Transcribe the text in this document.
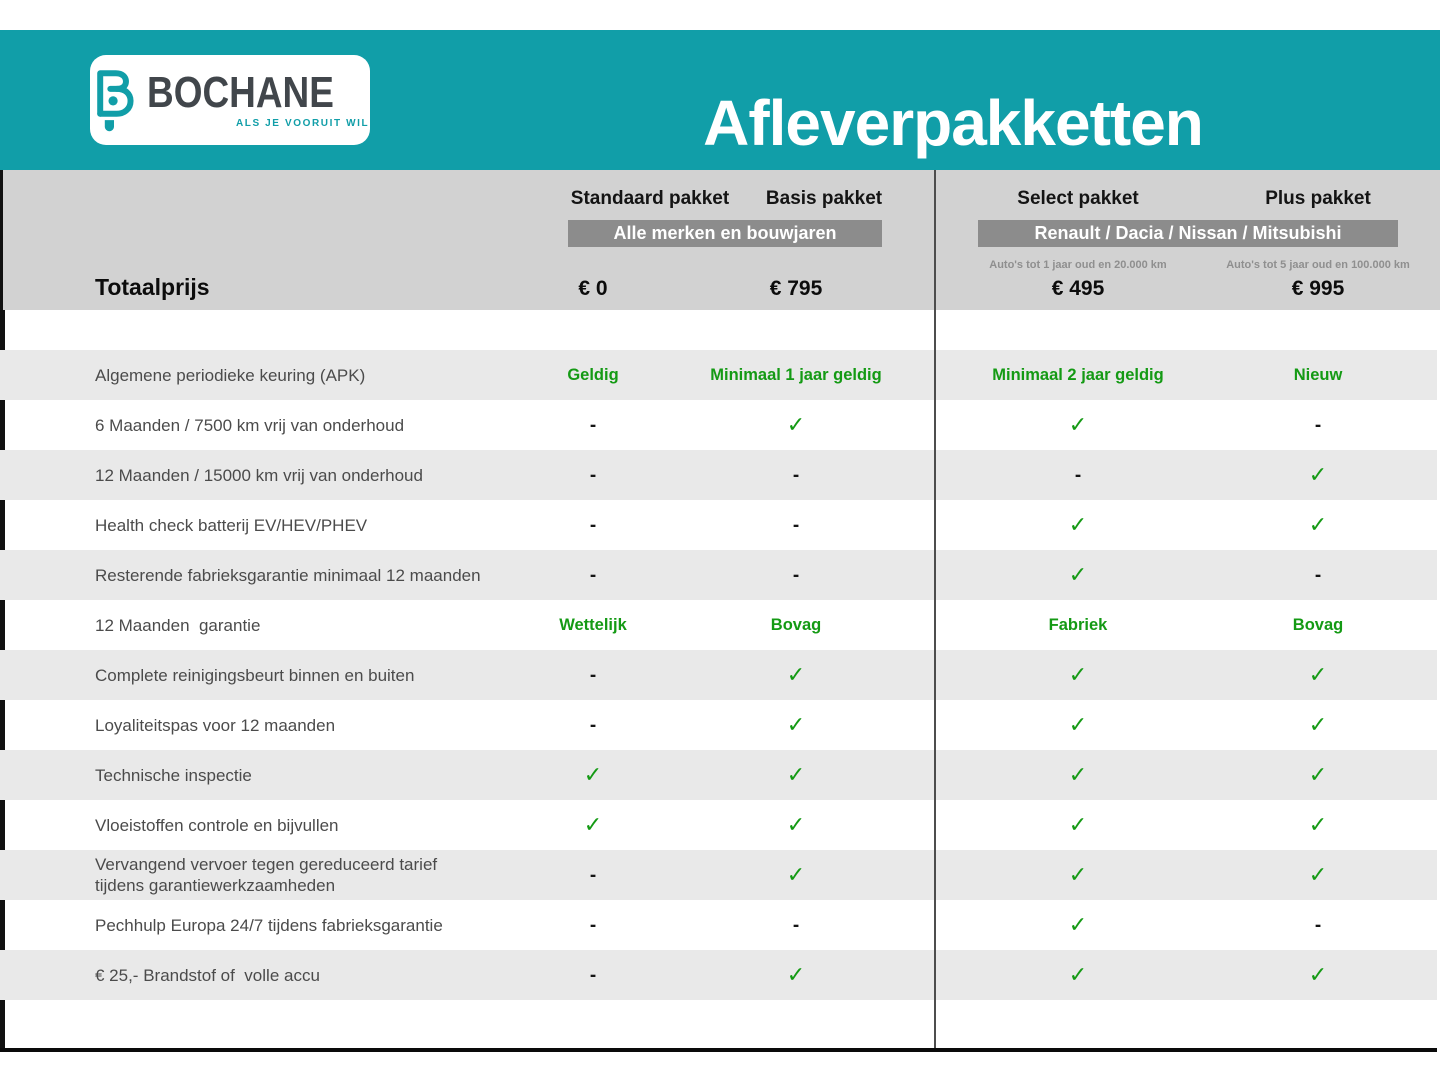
BOCHANE
ALS JE VOORUIT WIL	Afleverpakketten
Standaard pakket	Basis pakket	Select pakket	Plus pakket
Alle merken en bouwjaren	Renault / Dacia / Nissan / Mitsubishi
Auto's tot 1 jaar oud en 20.000 km	Auto's tot 5 jaar oud en 100.000 km
Totaalprijs	€ 0	€ 795	€ 495	€ 995
Algemene periodieke keuring (APK)	Geldig	Minimaal 1 jaar geldig	Minimaal 2 jaar geldig	Nieuw
6 Maanden / 7500 km vrij van onderhoud	-	✓	✓	-
12 Maanden / 15000 km vrij van onderhoud	-	-	-	✓
Health check batterij EV/HEV/PHEV	-	-	✓	✓
Resterende fabrieksgarantie minimaal 12 maanden	-	-	✓	-
12 Maanden  garantie	Wettelijk	Bovag	Fabriek	Bovag
Complete reinigingsbeurt binnen en buiten	-	✓	✓	✓
Loyaliteitspas voor 12 maanden	-	✓	✓	✓
Technische inspectie	✓	✓	✓	✓
Vloeistoffen controle en bijvullen	✓	✓	✓	✓
Vervangend vervoer tegen gereduceerd tarief
tijdens garantiewerkzaamheden	-	✓	✓	✓
Pechhulp Europa 24/7 tijdens fabrieksgarantie	-	-	✓	-
€ 25,- Brandstof of  volle accu	-	✓	✓	✓
